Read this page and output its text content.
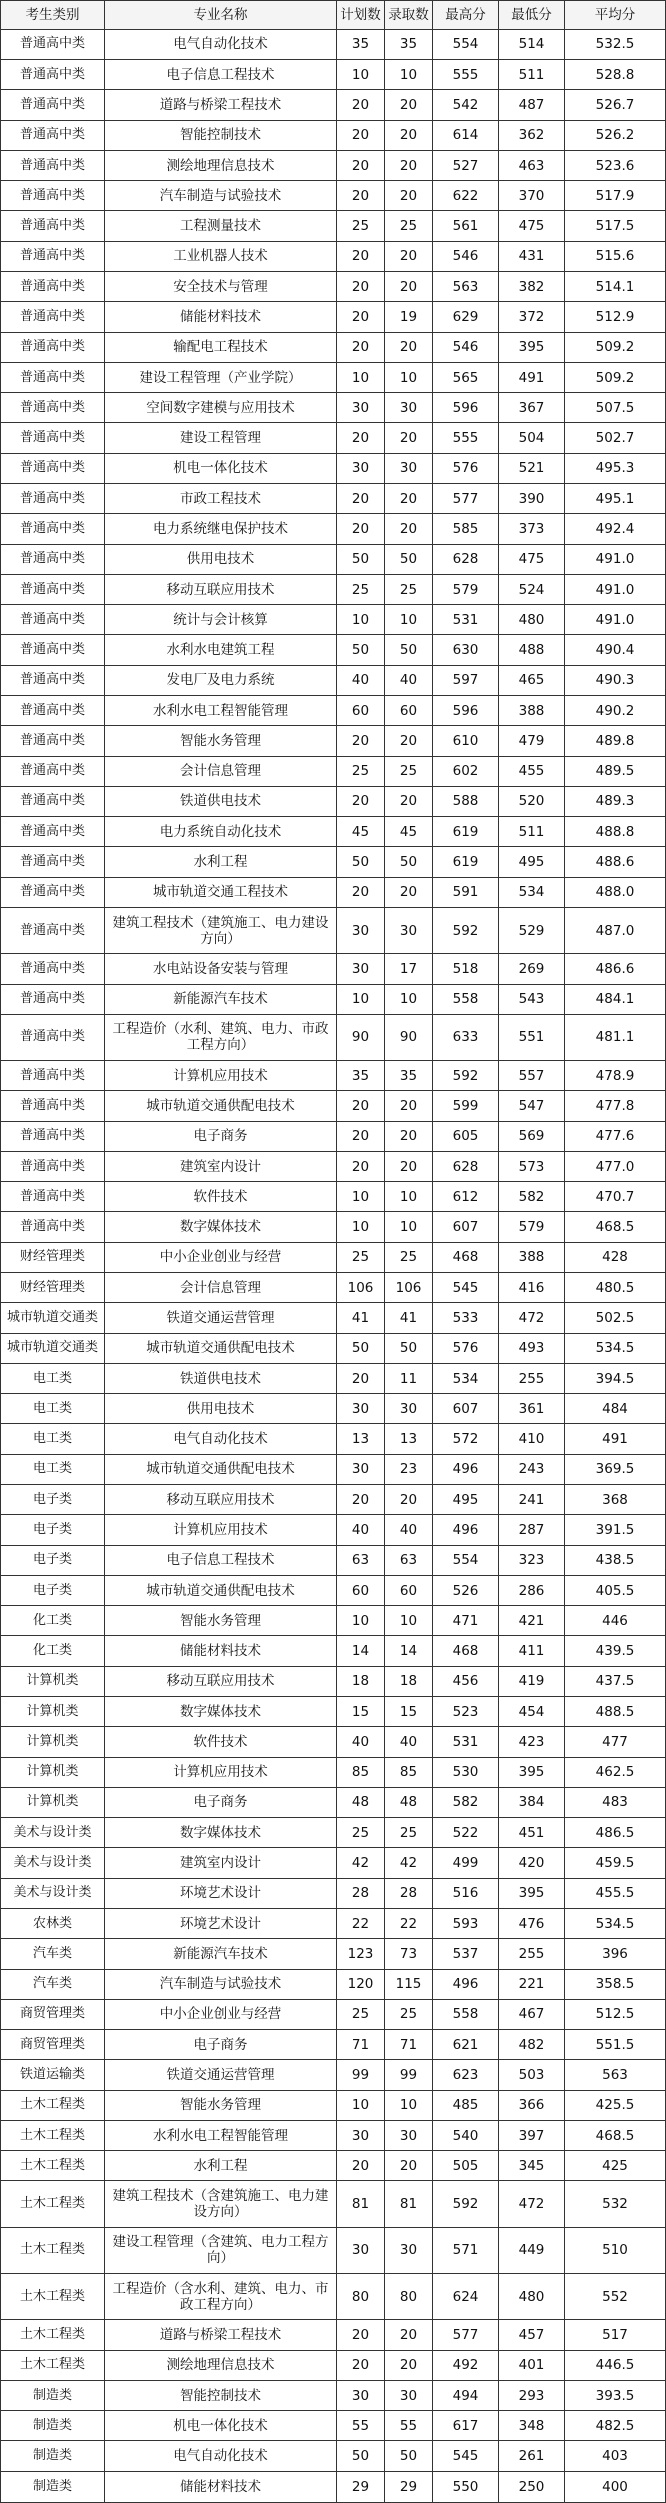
考生类别	专业名称	计划数	录取数	最高分	最低分	平均分
普通高中类	电气自动化技术	35	35	554	514	532.5
普通高中类	电子信息工程技术	10	10	555	511	528.8
普通高中类	道路与桥梁工程技术	20	20	542	487	526.7
普通高中类	智能控制技术	20	20	614	362	526.2
普通高中类	测绘地理信息技术	20	20	527	463	523.6
普通高中类	汽车制造与试验技术	20	20	622	370	517.9
普通高中类	工程测量技术	25	25	561	475	517.5
普通高中类	工业机器人技术	20	20	546	431	515.6
普通高中类	安全技术与管理	20	20	563	382	514.1
普通高中类	储能材料技术	20	19	629	372	512.9
普通高中类	输配电工程技术	20	20	546	395	509.2
普通高中类	建设工程管理（产业学院）	10	10	565	491	509.2
普通高中类	空间数字建模与应用技术	30	30	596	367	507.5
普通高中类	建设工程管理	20	20	555	504	502.7
普通高中类	机电一体化技术	30	30	576	521	495.3
普通高中类	市政工程技术	20	20	577	390	495.1
普通高中类	电力系统继电保护技术	20	20	585	373	492.4
普通高中类	供用电技术	50	50	628	475	491.0
普通高中类	移动互联应用技术	25	25	579	524	491.0
普通高中类	统计与会计核算	10	10	531	480	491.0
普通高中类	水利水电建筑工程	50	50	630	488	490.4
普通高中类	发电厂及电力系统	40	40	597	465	490.3
普通高中类	水利水电工程智能管理	60	60	596	388	490.2
普通高中类	智能水务管理	20	20	610	479	489.8
普通高中类	会计信息管理	25	25	602	455	489.5
普通高中类	铁道供电技术	20	20	588	520	489.3
普通高中类	电力系统自动化技术	45	45	619	511	488.8
普通高中类	水利工程	50	50	619	495	488.6
普通高中类	城市轨道交通工程技术	20	20	591	534	488.0
普通高中类	建筑工程技术（建筑施工、电力建设方向）	30	30	592	529	487.0
普通高中类	水电站设备安装与管理	30	17	518	269	486.6
普通高中类	新能源汽车技术	10	10	558	543	484.1
普通高中类	工程造价（水利、建筑、电力、市政工程方向）	90	90	633	551	481.1
普通高中类	计算机应用技术	35	35	592	557	478.9
普通高中类	城市轨道交通供配电技术	20	20	599	547	477.8
普通高中类	电子商务	20	20	605	569	477.6
普通高中类	建筑室内设计	20	20	628	573	477.0
普通高中类	软件技术	10	10	612	582	470.7
普通高中类	数字媒体技术	10	10	607	579	468.5
财经管理类	中小企业创业与经营	25	25	468	388	428
财经管理类	会计信息管理	106	106	545	416	480.5
城市轨道交通类	铁道交通运营管理	41	41	533	472	502.5
城市轨道交通类	城市轨道交通供配电技术	50	50	576	493	534.5
电工类	铁道供电技术	20	11	534	255	394.5
电工类	供用电技术	30	30	607	361	484
电工类	电气自动化技术	13	13	572	410	491
电工类	城市轨道交通供配电技术	30	23	496	243	369.5
电子类	移动互联应用技术	20	20	495	241	368
电子类	计算机应用技术	40	40	496	287	391.5
电子类	电子信息工程技术	63	63	554	323	438.5
电子类	城市轨道交通供配电技术	60	60	526	286	405.5
化工类	智能水务管理	10	10	471	421	446
化工类	储能材料技术	14	14	468	411	439.5
计算机类	移动互联应用技术	18	18	456	419	437.5
计算机类	数字媒体技术	15	15	523	454	488.5
计算机类	软件技术	40	40	531	423	477
计算机类	计算机应用技术	85	85	530	395	462.5
计算机类	电子商务	48	48	582	384	483
美术与设计类	数字媒体技术	25	25	522	451	486.5
美术与设计类	建筑室内设计	42	42	499	420	459.5
美术与设计类	环境艺术设计	28	28	516	395	455.5
农林类	环境艺术设计	22	22	593	476	534.5
汽车类	新能源汽车技术	123	73	537	255	396
汽车类	汽车制造与试验技术	120	115	496	221	358.5
商贸管理类	中小企业创业与经营	25	25	558	467	512.5
商贸管理类	电子商务	71	71	621	482	551.5
铁道运输类	铁道交通运营管理	99	99	623	503	563
土木工程类	智能水务管理	10	10	485	366	425.5
土木工程类	水利水电工程智能管理	30	30	540	397	468.5
土木工程类	水利工程	20	20	505	345	425
土木工程类	建筑工程技术（含建筑施工、电力建设方向）	81	81	592	472	532
土木工程类	建设工程管理（含建筑、电力工程方向）	30	30	571	449	510
土木工程类	工程造价（含水利、建筑、电力、市政工程方向）	80	80	624	480	552
土木工程类	道路与桥梁工程技术	20	20	577	457	517
土木工程类	测绘地理信息技术	20	20	492	401	446.5
制造类	智能控制技术	30	30	494	293	393.5
制造类	机电一体化技术	55	55	617	348	482.5
制造类	电气自动化技术	50	50	545	261	403
制造类	储能材料技术	29	29	550	250	400
